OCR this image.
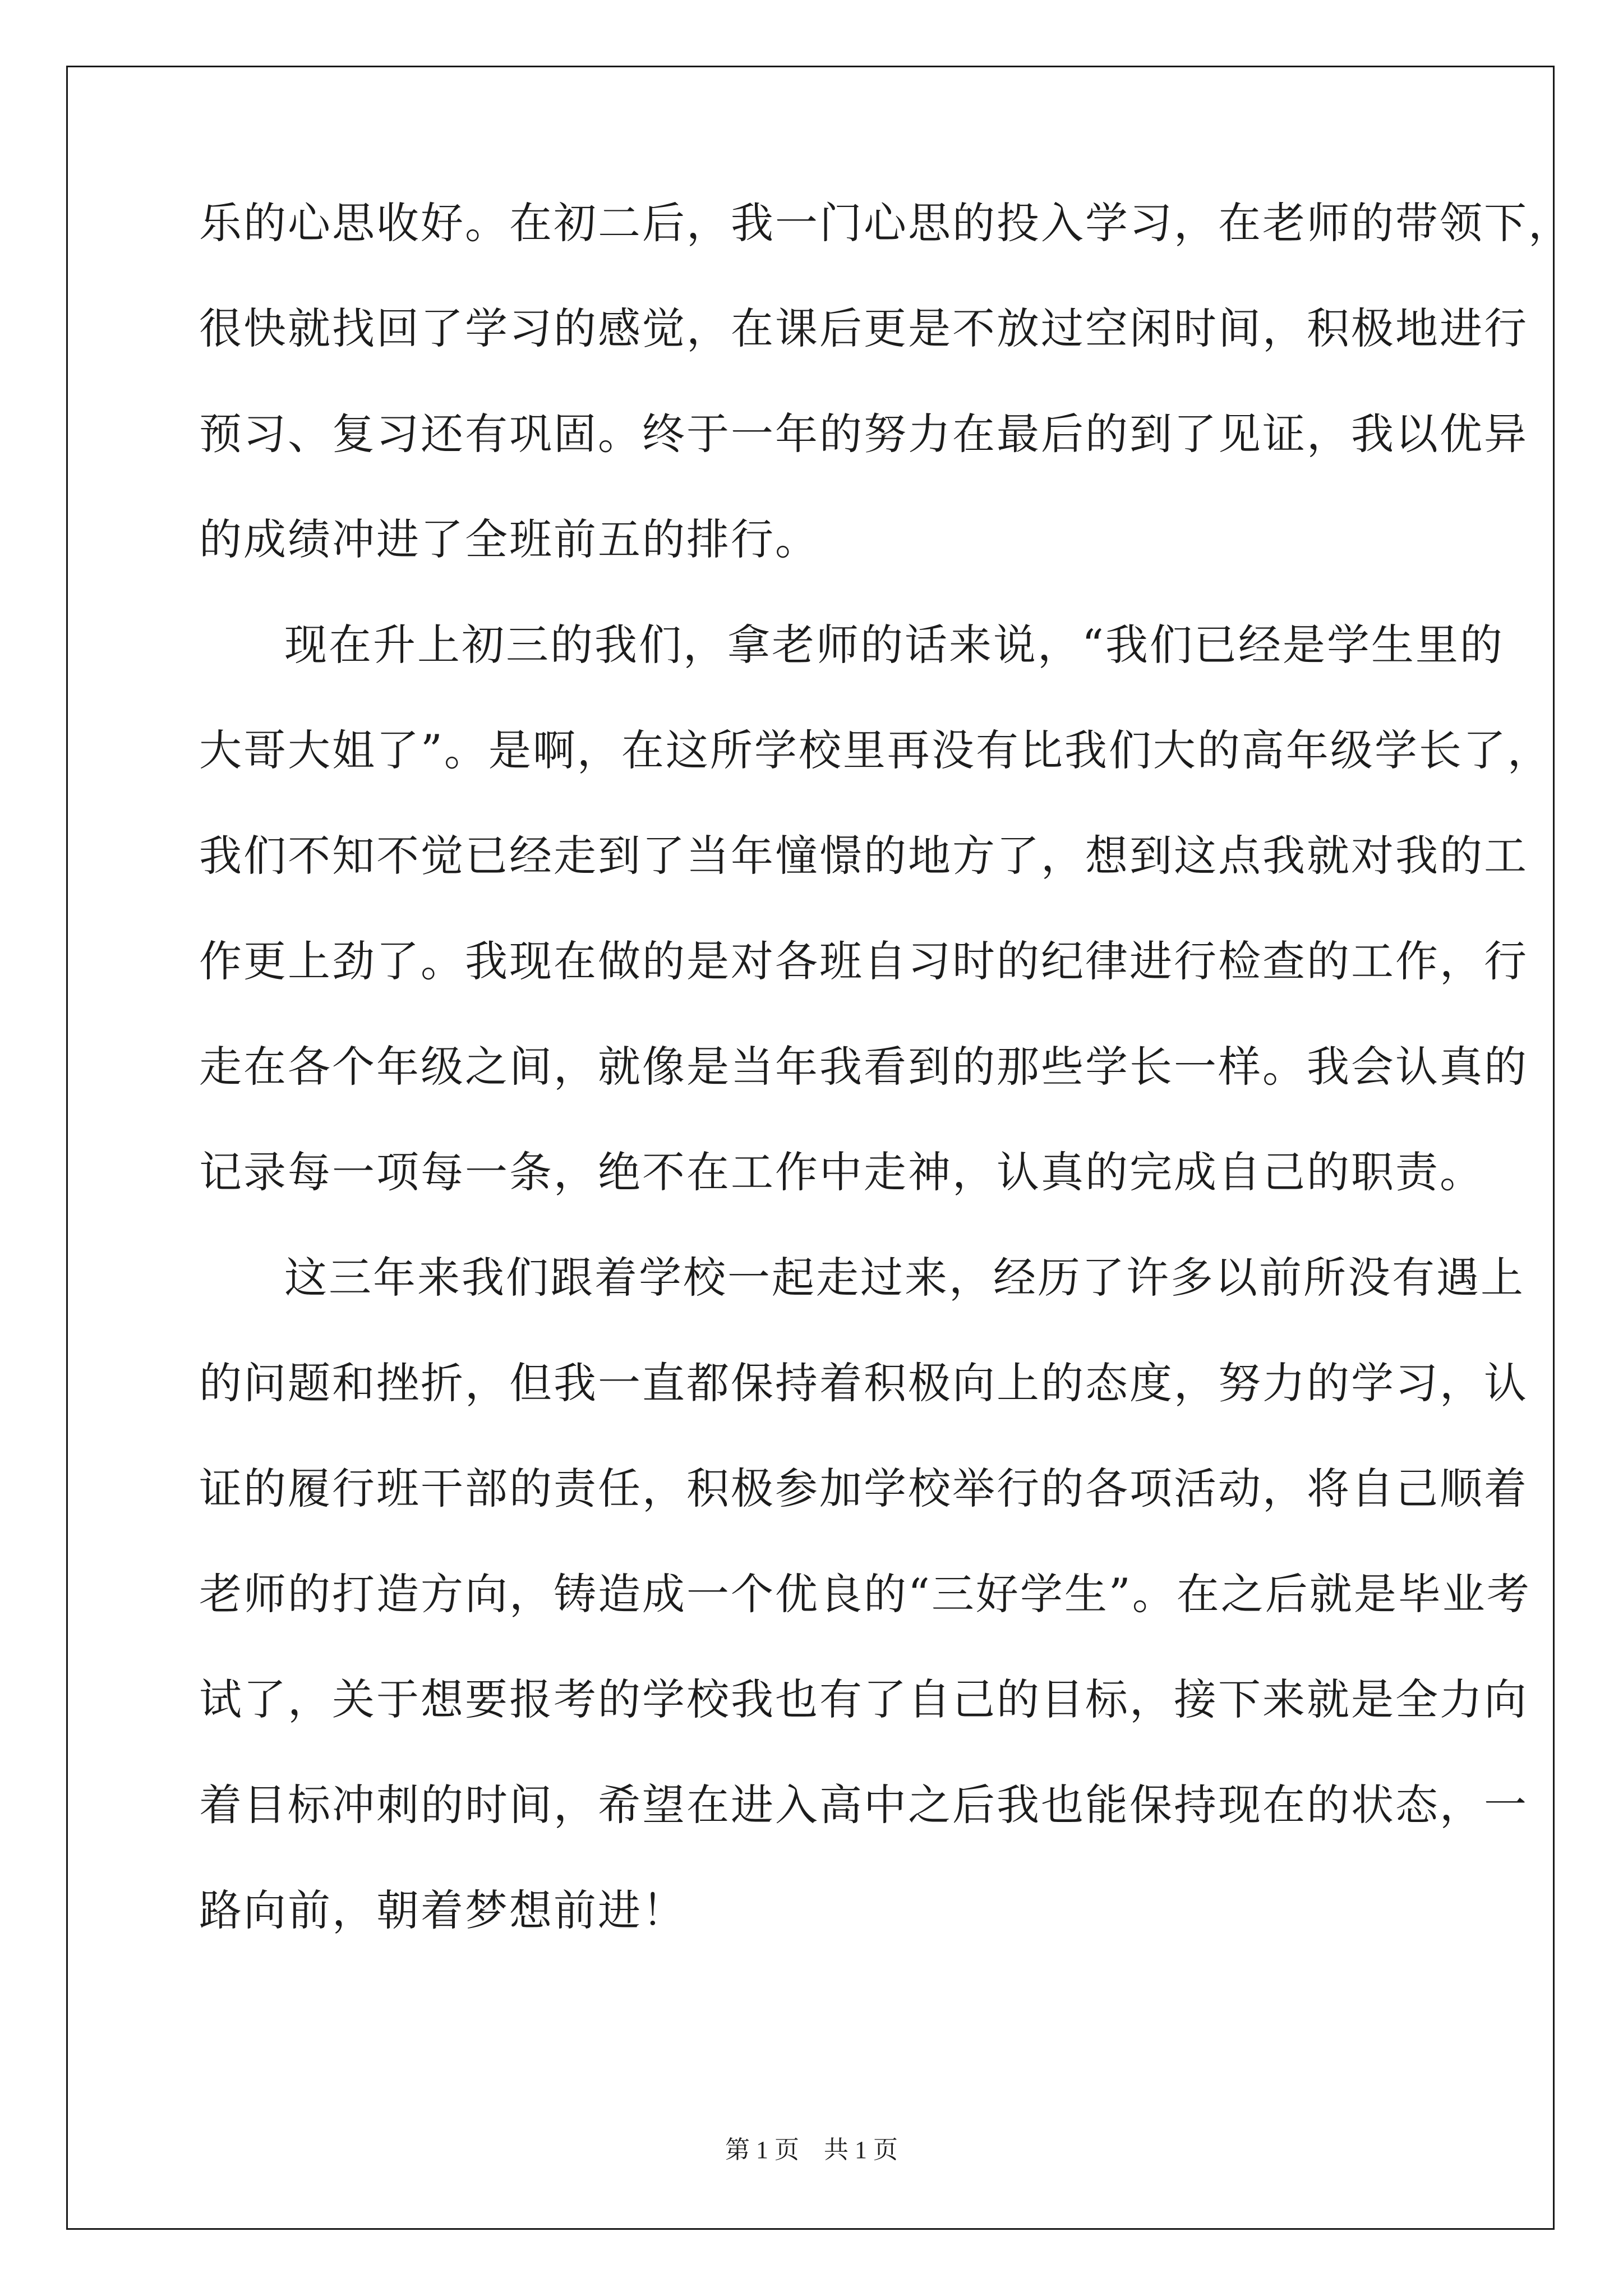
乐的心思收好。在初二后，我一门心思的投入学习，在老师的带领下，
很快就找回了学习的感觉，在课后更是不放过空闲时间，积极地进行
预习、复习还有巩固。终于一年的努力在最后的到了见证，我以优异
的成绩冲进了全班前五的排行。
现在升上初三的我们，拿老师的话来说，“我们已经是学生里的
大哥大姐了”。是啊，在这所学校里再没有比我们大的高年级学长了，
我们不知不觉已经走到了当年憧憬的地方了，想到这点我就对我的工
作更上劲了。我现在做的是对各班自习时的纪律进行检查的工作，行
走在各个年级之间，就像是当年我看到的那些学长一样。我会认真的
记录每一项每一条，绝不在工作中走神，认真的完成自己的职责。
这三年来我们跟着学校一起走过来，经历了许多以前所没有遇上
的问题和挫折，但我一直都保持着积极向上的态度，努力的学习，认
证的履行班干部的责任，积极参加学校举行的各项活动，将自己顺着
老师的打造方向，铸造成一个优良的“三好学生”。在之后就是毕业考
试了，关于想要报考的学校我也有了自己的目标，接下来就是全力向
着目标冲刺的时间，希望在进入高中之后我也能保持现在的状态，一
路向前，朝着梦想前进！
第 1 页    共 1 页
